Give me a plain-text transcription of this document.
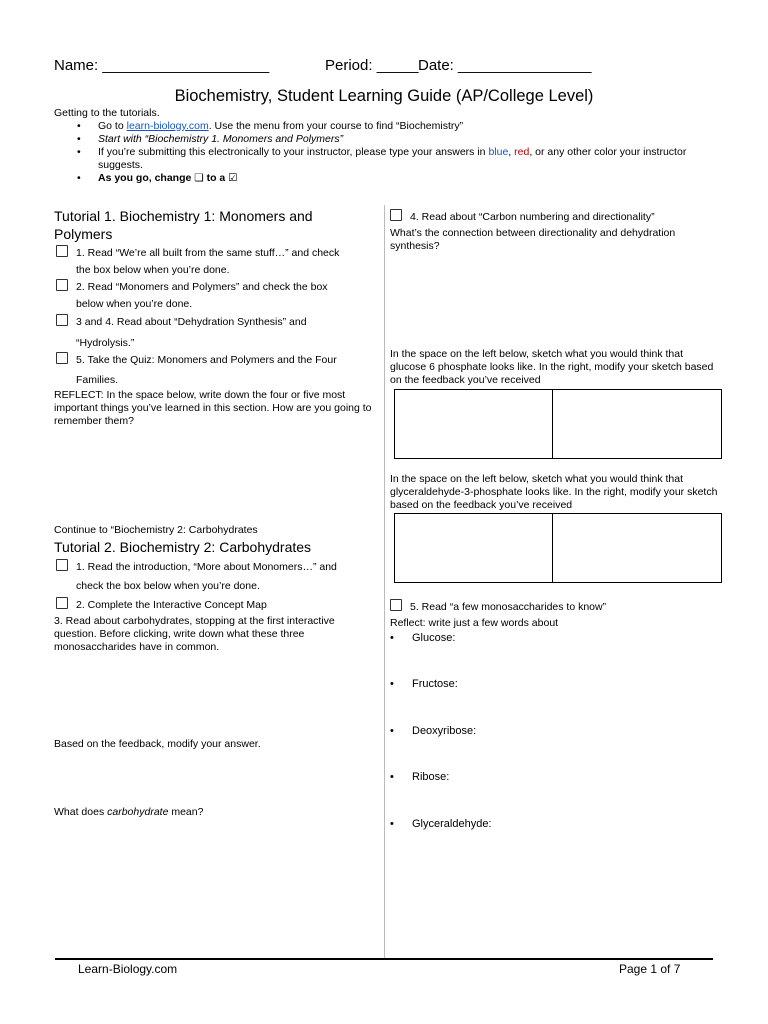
Name: ____________________	Period: _____ Date: ________________
Biochemistry, Student Learning Guide (AP/College Level)
Getting to the tutorials.
• Go to learn-biology.com. Use the menu from your course to find “Biochemistry”
• Start with “Biochemistry 1. Monomers and Polymers”
• If you’re submitting this electronically to your instructor, please type your answers in blue, red, or any other color your instructor suggests.
• As you go, change ❏ to a ☑
Tutorial 1. Biochemistry 1: Monomers and Polymers
1. Read “We’re all built from the same stuff…” and check
the box below when you’re done.
2. Read “Monomers and Polymers” and check the box
below when you’re done.
3 and 4. Read about “Dehydration Synthesis” and
“Hydrolysis.”
5. Take the Quiz: Monomers and Polymers and the Four
Families.
REFLECT: In the space below, write down the four or five most important things you’ve learned in this section. How are you going to remember them?
Continue to “Biochemistry 2: Carbohydrates
Tutorial 2. Biochemistry 2: Carbohydrates
1. Read the introduction, “More about Monomers…” and
check the box below when you’re done.
2. Complete the Interactive Concept Map
3. Read about carbohydrates, stopping at the first interactive question. Before clicking, write down what these three monosaccharides have in common.
Based on the feedback, modify your answer.
What does carbohydrate mean?
4. Read about “Carbon numbering and directionality”
What’s the connection between directionality and dehydration synthesis?
In the space on the left below, sketch what you would think that glucose 6 phosphate looks like. In the right, modify your sketch based on the feedback you’ve received
In the space on the left below, sketch what you would think that glyceraldehyde-3-phosphate looks like. In the right, modify your sketch based on the feedback you’ve received
5. Read “a few monosaccharides to know”
Reflect: write just a few words about
• Glucose:
• Fructose:
• Deoxyribose:
• Ribose:
• Glyceraldehyde:
Learn-Biology.com	Page 1 of 7
